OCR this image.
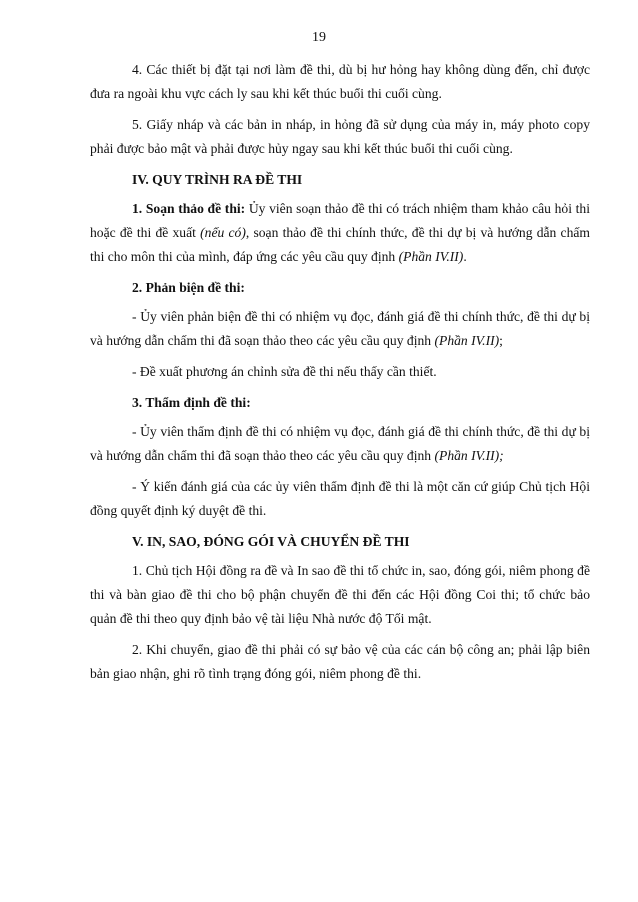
19

4. Các thiết bị đặt tại nơi làm đề thi, dù bị hư hỏng hay không dùng đến, chỉ được đưa ra ngoài khu vực cách ly sau khi kết thúc buổi thi cuối cùng.

5. Giấy nháp và các bản in nháp, in hỏng đã sử dụng của máy in, máy photo copy phải được bảo mật và phải được hủy ngay sau khi kết thúc buổi thi cuối cùng.

IV. QUY TRÌNH RA ĐỀ THI

1. Soạn thảo đề thi: Ủy viên soạn thảo đề thi có trách nhiệm tham khảo câu hỏi thi hoặc đề thi đề xuất (nếu có), soạn thảo đề thi chính thức, đề thi dự bị và hướng dẫn chấm thi cho môn thi của mình, đáp ứng các yêu cầu quy định (Phần IV.II).

2. Phản biện đề thi:

- Ủy viên phản biện đề thi có nhiệm vụ đọc, đánh giá đề thi chính thức, đề thi dự bị và hướng dẫn chấm thi đã soạn thảo theo các yêu cầu quy định (Phần IV.II);

- Đề xuất phương án chỉnh sửa đề thi nếu thấy cần thiết.

3. Thẩm định đề thi:

- Ủy viên thẩm định đề thi có nhiệm vụ đọc, đánh giá đề thi chính thức, đề thi dự bị và hướng dẫn chấm thi đã soạn thảo theo các yêu cầu quy định (Phần IV.II);

- Ý kiến đánh giá của các ủy viên thẩm định đề thi là một căn cứ giúp Chủ tịch Hội đồng quyết định ký duyệt đề thi.

V. IN, SAO, ĐÓNG GÓI VÀ CHUYỂN ĐỀ THI

1. Chủ tịch Hội đồng ra đề và In sao đề thi tổ chức in, sao, đóng gói, niêm phong đề thi và bàn giao đề thi cho bộ phận chuyển đề thi đến các Hội đồng Coi thi; tổ chức bảo quản đề thi theo quy định bảo vệ tài liệu Nhà nước độ Tối mật.

2. Khi chuyển, giao đề thi phải có sự bảo vệ của các cán bộ công an; phải lập biên bản giao nhận, ghi rõ tình trạng đóng gói, niêm phong đề thi.
